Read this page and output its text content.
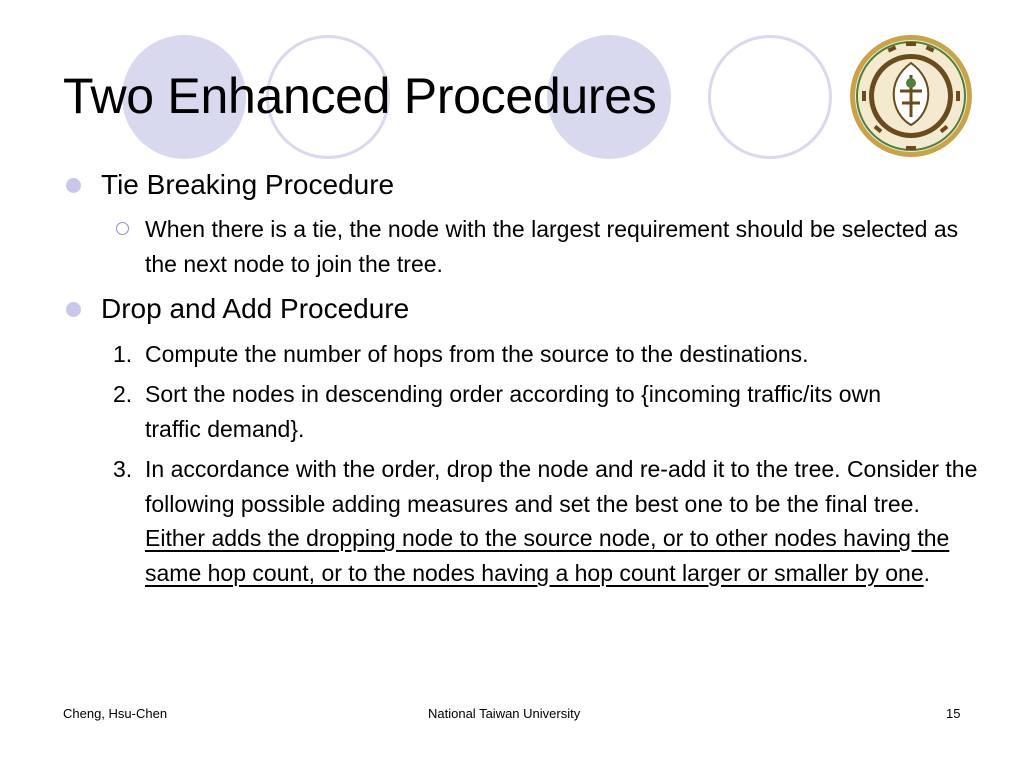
Two Enhanced Procedures
Tie Breaking Procedure
When there is a tie, the node with the largest requirement should be selected as the next node to join the tree.
Drop and Add Procedure
1. Compute the number of hops from the source to the destinations.
2. Sort the nodes in descending order according to {incoming traffic/its own traffic demand}.
3. In accordance with the order, drop the node and re-add it to the tree. Consider the following possible adding measures and set the best one to be the final tree. Either adds the dropping node to the source node, or to other nodes having the same hop count, or to the nodes having a hop count larger or smaller by one.
Cheng, Hsu-Chen	National Taiwan University	15
